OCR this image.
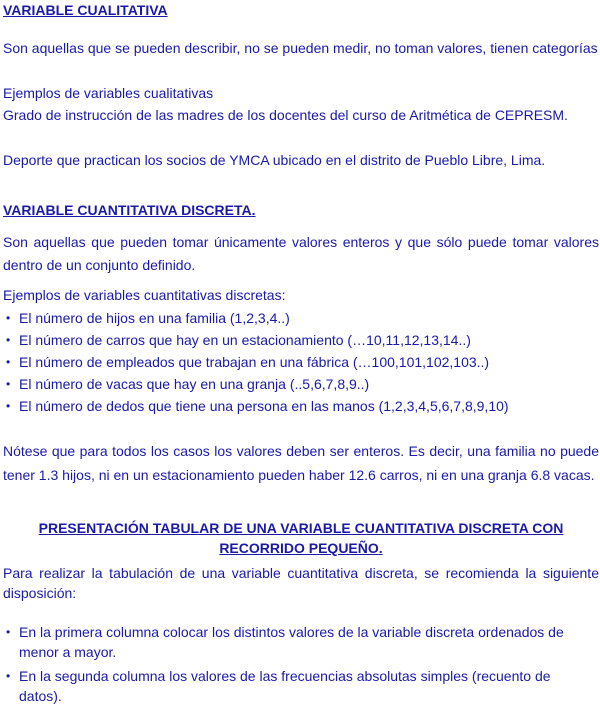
VARIABLE CUALITATIVA

Son aquellas que se pueden describir, no se pueden medir, no toman valores, tienen categorías

Ejemplos de variables cualitativas

Grado de instrucción de las madres de los docentes del curso de Aritmética de CEPRESM.

Deporte que practican los socios de YMCA ubicado en el distrito de Pueblo Libre, Lima.

VARIABLE CUANTITATIVA DISCRETA.

Son aquellas que pueden tomar únicamente valores enteros y que sólo puede tomar valores dentro de un conjunto definido.

Ejemplos de variables cuantitativas discretas:

• El número de hijos en una familia (1,2,3,4..)
• El número de carros que hay en un estacionamiento (…10,11,12,13,14..)
• El número de empleados que trabajan en una fábrica (…100,101,102,103..)
• El número de vacas que hay en una granja (..5,6,7,8,9..)
• El número de dedos que tiene una persona en las manos (1,2,3,4,5,6,7,8,9,10)

Nótese que para todos los casos los valores deben ser enteros. Es decir, una familia no puede tener 1.3 hijos, ni en un estacionamiento pueden haber 12.6 carros, ni en una granja 6.8 vacas.

PRESENTACIÓN TABULAR DE UNA VARIABLE CUANTITATIVA DISCRETA CON
RECORRIDO PEQUEÑO.

Para realizar la tabulación de una variable cuantitativa discreta, se recomienda la siguiente disposición:

• En la primera columna colocar los distintos valores de la variable discreta ordenados de menor a mayor.
• En la segunda columna los valores de las frecuencias absolutas simples (recuento de datos).
